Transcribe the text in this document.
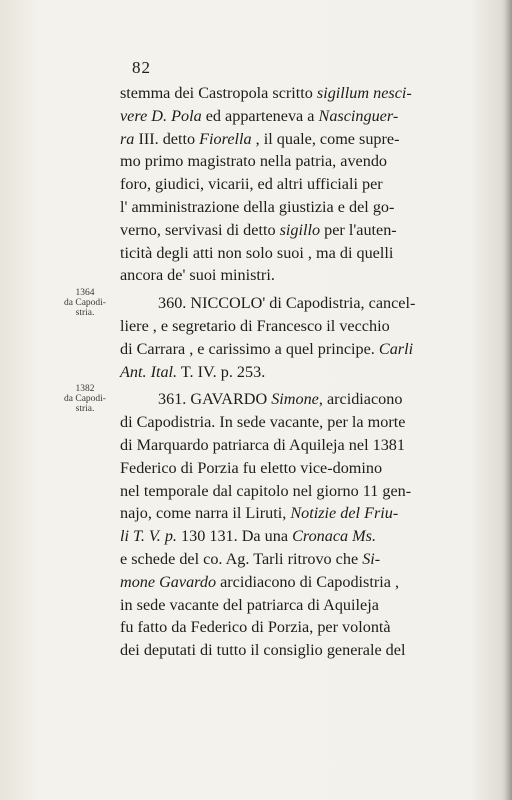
82
stemma dei Castropola scritto sigillum nesci-
vere D. Pola ed apparteneva a Nascinguer-
ra III. detto Fiorella , il quale, come supre-
mo primo magistrato nella patria, avendo
foro, giudici, vicarii, ed altri ufficiali per
l' amministrazione della giustizia e del go-
verno, servivasi di detto sigillo per l'auten-
ticità degli atti non solo suoi , ma di quelli
ancora de' suoi ministri.
360. NICCOLO' di Capodistria, cancel-
liere , e segretario di Francesco il vecchio
di Carrara , e carissimo a quel principe. Carli
Ant. Ital. T. IV. p. 253.
361. GAVARDO Simone, arcidiacono
di Capodistria. In sede vacante, per la morte
di Marquardo patriarca di Aquileja nel 1381
Federico di Porzia fu eletto vice-domino
nel temporale dal capitolo nel giorno 11 gen-
najo, come narra il Liruti, Notizie del Friu-
li T. V. p. 130 131. Da una Cronaca Ms.
e schede del co. Ag. Tarli ritrovo che Si-
mone Gavardo arcidiacono di Capodistria ,
in sede vacante del patriarca di Aquileja
fu fatto da Federico di Porzia, per volontà
dei deputati di tutto il consiglio generale del
1364
da Capodi-
stria.
1382
da Capodi-
stria.
